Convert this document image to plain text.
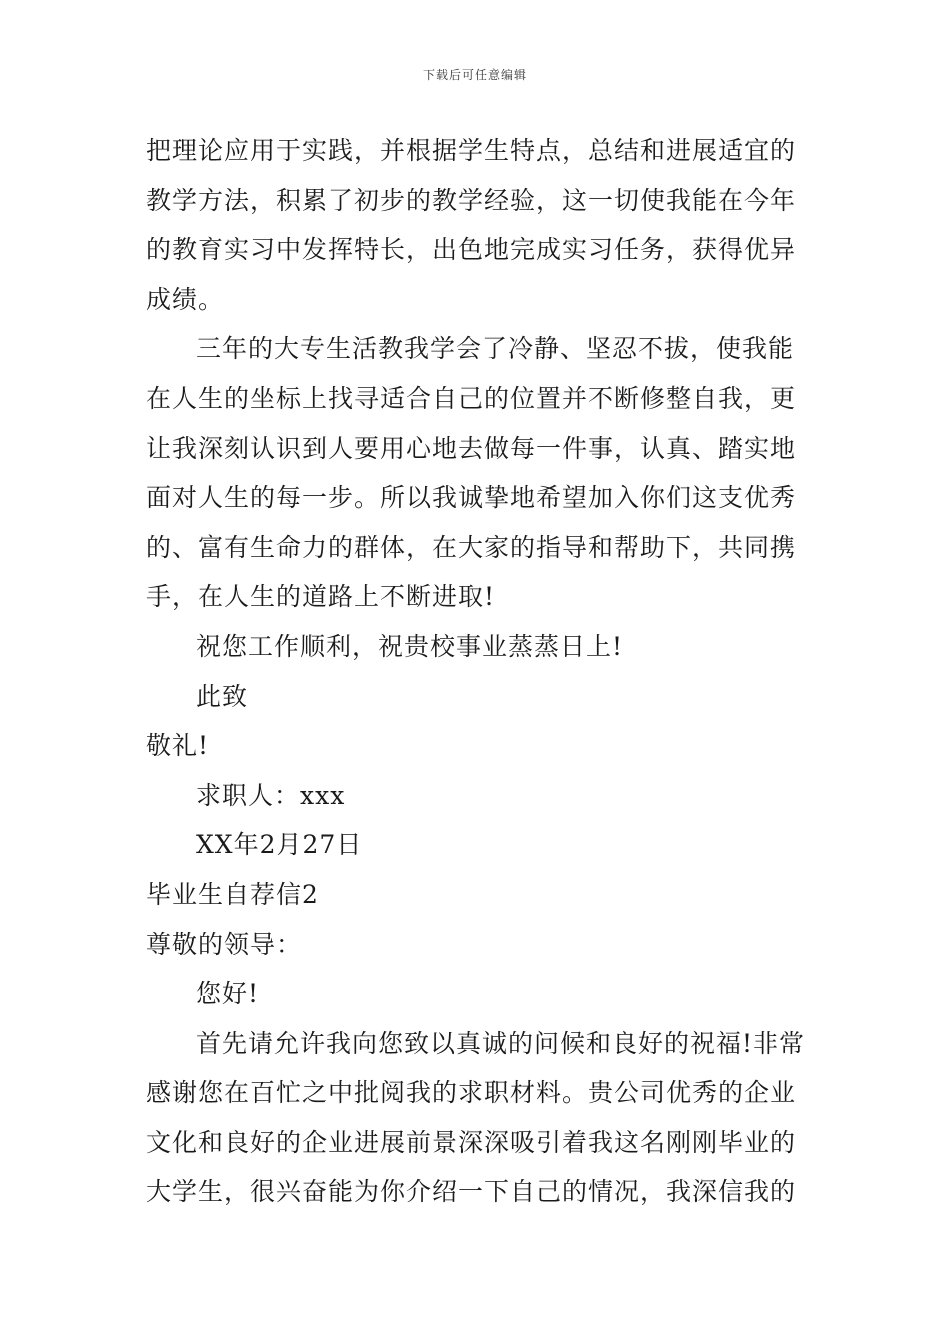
下载后可任意编辑
把理论应用于实践，并根据学生特点，总结和进展适宜的
教学方法，积累了初步的教学经验，这一切使我能在今年
的教育实习中发挥特长，出色地完成实习任务，获得优异
成绩。
三年的大专生活教我学会了冷静、坚忍不拔，使我能
在人生的坐标上找寻适合自己的位置并不断修整自我，更
让我深刻认识到人要用心地去做每一件事，认真、踏实地
面对人生的每一步。所以我诚挚地希望加入你们这支优秀
的、富有生命力的群体，在大家的指导和帮助下，共同携
手，在人生的道路上不断进取!
祝您工作顺利，祝贵校事业蒸蒸日上!
此致
敬礼!
求职人：xxx
XX年2月27日
毕业生自荐信2
尊敬的领导：
您好!
首先请允许我向您致以真诚的问候和良好的祝福!非常
感谢您在百忙之中批阅我的求职材料。贵公司优秀的企业
文化和良好的企业进展前景深深吸引着我这名刚刚毕业的
大学生，很兴奋能为你介绍一下自己的情况，我深信我的
